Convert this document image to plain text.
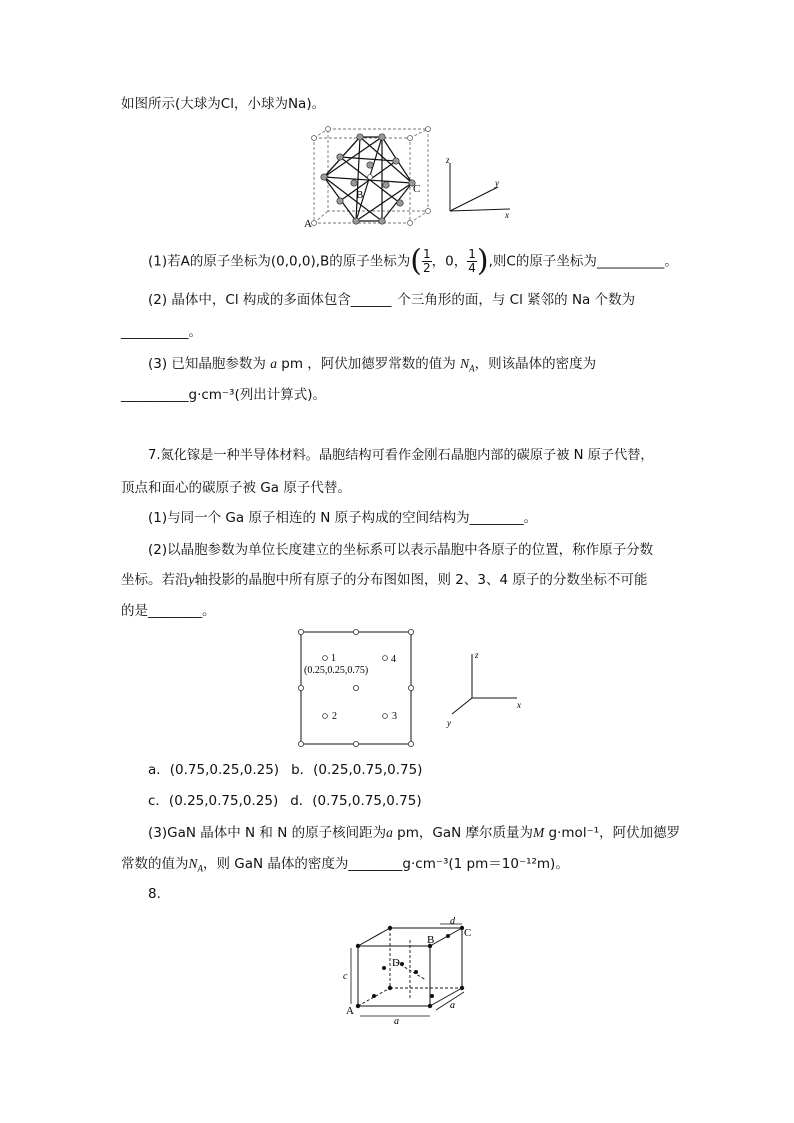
如图所示(大球为Cl，小球为Na)。
A
B	C
z
y
x
(1)若A的原子坐标为(0,0,0),B的原子坐标为( $\frac{1}{2}$ ，0， $\frac{1}{4}$ ),则C的原子坐标为__________。
(2) 晶体中，Cl 构成的多面体包含______ 个三角形的面，与 Cl 紧邻的 Na 个数为
__________。
(3) 已知晶胞参数为 a pm ，阿伏加德罗常数的值为 $N_A$，则该晶体的密度为
__________g·cm⁻³(列出计算式)。
7.氮化镓是一种半导体材料。晶胞结构可看作金刚石晶胞内部的碳原子被 N 原子代替，
顶点和面心的碳原子被 Ga 原子代替。
(1)与同一个 Ga 原子相连的 N 原子构成的空间结构为________。
(2)以晶胞参数为单位长度建立的坐标系可以表示晶胞中各原子的位置，称作原子分数
坐标。若沿y轴投影的晶胞中所有原子的分布图如图，则 2、3、4 原子的分数坐标不可能
的是________。
1
(0.25,0.25,0.75)
4
2	3
z
x
y
a．(0.75,0.25,0.25) b．(0.25,0.75,0.75)
c．(0.25,0.75,0.25) d．(0.75,0.75,0.75)
(3)GaN 晶体中 N 和 N 的原子核间距为a pm，GaN 摩尔质量为M g·mol⁻¹，阿伏加德罗
常数的值为$N_A$，则 GaN 晶体的密度为________g·cm⁻³(1 pm＝10⁻¹²m)。
8.
A
B
C
D
d
c
a
a
